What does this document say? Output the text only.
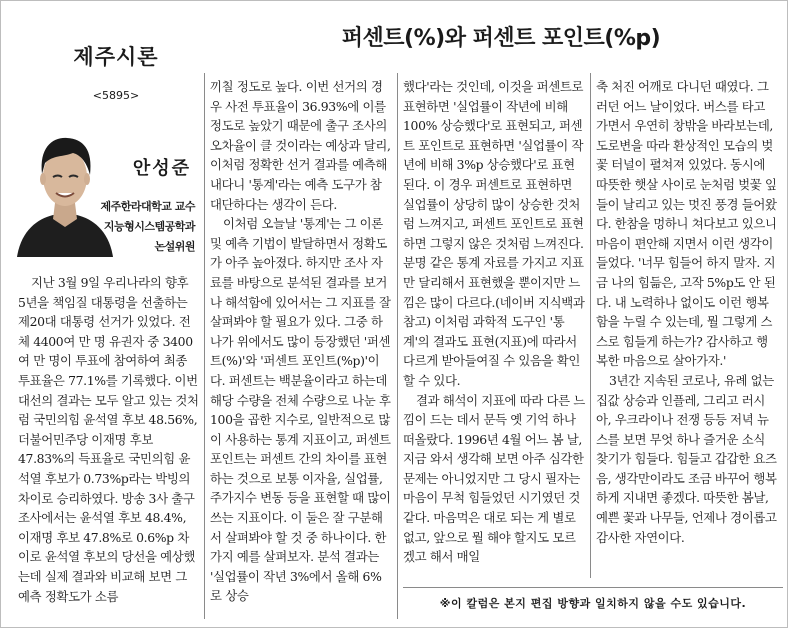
제주시론
<5895>
안성준
제주한라대학교 교수
지능형시스템공학과
논설위원
퍼센트(%)와 퍼센트 포인트(%p)

지난 3월 9일 우리나라의 향후 5년을 책임질 대통령을 선출하는 제20대 대통령 선거가 있었다. 전체 4400여 만 명 유권자 중 3400여 만 명이 투표에 참여하여 최종 투표율은 77.1%를 기록했다. 이번 대선의 결과는 모두 알고 있는 것처럼 국민의힘 윤석열 후보 48.56%, 더불어민주당 이재명 후보 47.83%의 득표율로 국민의힘 윤석열 후보가 0.73%p라는 박빙의 차이로 승리하였다. 방송 3사 출구 조사에서는 윤석열 후보 48.4%, 이재명 후보 47.8%로 0.6%p 차이로 윤석열 후보의 당선을 예상했는데 실제 결과와 비교해 보면 그 예측 정확도가 소름

끼칠 정도로 높다. 이번 선거의 경우 사전 투표율이 36.93%에 이를 정도로 높았기 때문에 출구 조사의 오차율이 클 것이라는 예상과 달리, 이처럼 정확한 선거 결과를 예측해 내다니 '통계'라는 예측 도구가 참 대단하다는 생각이 든다.

이처럼 오늘날 '통계'는 그 이론 및 예측 기법이 발달하면서 정확도가 아주 높아졌다. 하지만 조사 자료를 바탕으로 분석된 결과를 보거나 해석함에 있어서는 그 지표를 잘 살펴봐야 할 필요가 있다. 그중 하나가 위에서도 많이 등장했던 '퍼센트(%)'와 '퍼센트 포인트(%p)'이다. 퍼센트는 백분율이라고 하는데 해당 수량을 전체 수량으로 나눈 후 100을 곱한 지수로, 일반적으로 많이 사용하는 통계 지표이고, 퍼센트 포인트는 퍼센트 간의 차이를 표현하는 것으로 보통 이자율, 실업률, 주가지수 변동 등을 표현할 때 많이 쓰는 지표이다. 이 둘은 잘 구분해서 살펴봐야 할 것 중 하나이다. 한 가지 예를 살펴보자. 분석 결과는 '실업률이 작년 3%에서 올해 6%로 상승

했다'라는 것인데, 이것을 퍼센트로 표현하면 '실업률이 작년에 비해 100% 상승했다'로 표현되고, 퍼센트 포인트로 표현하면 '실업률이 작년에 비해 3%p 상승했다'로 표현된다. 이 경우 퍼센트로 표현하면 실업률이 상당히 많이 상승한 것처럼 느껴지고, 퍼센트 포인트로 표현하면 그렇지 않은 것처럼 느껴진다. 분명 같은 통계 자료를 가지고 지표만 달리해서 표현했을 뿐이지만 느낌은 많이 다르다.(네이버 지식백과 참고) 이처럼 과학적 도구인 '통계'의 결과도 표현(지표)에 따라서 다르게 받아들여질 수 있음을 확인 할 수 있다.

결과 해석이 지표에 따라 다른 느낌이 드는 데서 문득 옛 기억 하나 떠올랐다. 1996년 4월 어느 봄 날, 지금 와서 생각해 보면 아주 심각한 문제는 아니었지만 그 당시 필자는 마음이 무척 힘들었던 시기였던 것 같다. 마음먹은 대로 되는 게 별로 없고, 앞으로 뭘 해야 할지도 모르겠고 해서 매일

축 처진 어깨로 다니던 때였다. 그러던 어느 날이었다. 버스를 타고 가면서 우연히 창밖을 바라보는데, 도로변을 따라 환상적인 모습의 벚꽃 터널이 펼쳐져 있었다. 동시에 따뜻한 햇살 사이로 눈처럼 벚꽃 잎들이 날리고 있는 멋진 풍경 들어왔다. 한참을 멍하니 쳐다보고 있으니 마음이 편안해 지면서 이런 생각이 들었다. '너무 힘들어 하지 말자. 지금 나의 힘듦은, 고작 5%p도 안 된다. 내 노력하나 없이도 이런 행복함을 누릴 수 있는데, 뭘 그렇게 스스로 힘들게 하는가? 감사하고 행복한 마음으로 살아가자.'

3년간 지속된 코로나, 유례 없는 집값 상승과 인플레, 그리고 러시아, 우크라이나 전쟁 등등 저녁 뉴스를 보면 무엇 하나 즐거운 소식 찾기가 힘들다. 힘들고 갑갑한 요즈음, 생각만이라도 조금 바꾸어 행복하게 지내면 좋겠다. 따뜻한 봄날, 예쁜 꽃과 나무들, 언제나 경이롭고 감사한 자연이다.

※이 칼럼은 본지 편집 방향과 일치하지 않을 수도 있습니다.
